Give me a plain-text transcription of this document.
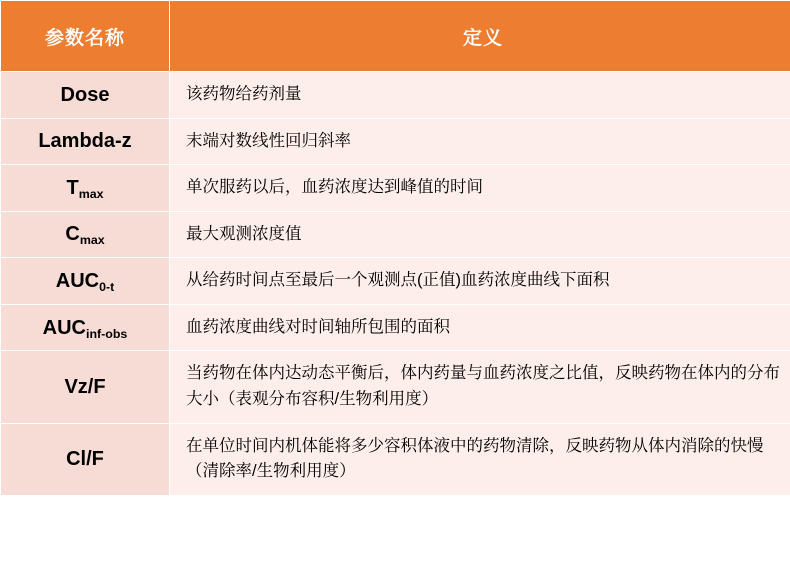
参数名称	定义
Dose	该药物给药剂量
Lambda-z	末端对数线性回归斜率
$T_{max}$	单次服药以后，血药浓度达到峰值的时间
$C_{max}$	最大观测浓度值
$AUC_{0-t}$	从给药时间点至最后一个观测点(正值)血药浓度曲线下面积
$AUC_{inf-obs}$	血药浓度曲线对时间轴所包围的面积
Vz/F	当药物在体内达动态平衡后，体内药量与血药浓度之比值，反映药物在体内的分布大小（表观分布容积/生物利用度）
Cl/F	在单位时间内机体能将多少容积体液中的药物清除，反映药物从体内消除的快慢（清除率/生物利用度）
